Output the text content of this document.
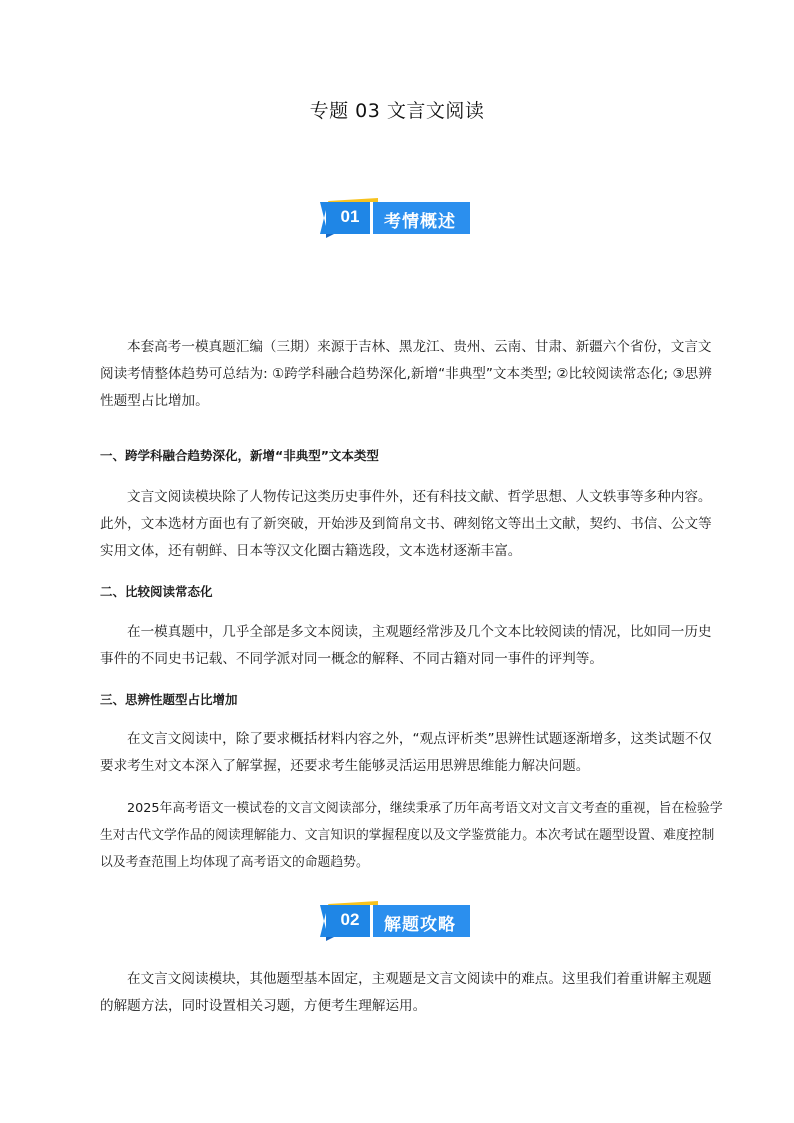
专题 03 文言文阅读
01	考情概述

本套高考一模真题汇编（三期）来源于吉林、黑龙江、贵州、云南、甘肃、新疆六个省份，文言文阅读考情整体趋势可总结为: ①跨学科融合趋势深化,新增“非典型”文本类型; ②比较阅读常态化; ③思辨性题型占比增加。

一、跨学科融合趋势深化，新增“非典型”文本类型

文言文阅读模块除了人物传记这类历史事件外，还有科技文献、哲学思想、人文轶事等多种内容。此外，文本选材方面也有了新突破，开始涉及到简帛文书、碑刻铭文等出土文献，契约、书信、公文等实用文体，还有朝鲜、日本等汉文化圈古籍选段，文本选材逐渐丰富。

二、比较阅读常态化

在一模真题中，几乎全部是多文本阅读，主观题经常涉及几个文本比较阅读的情况，比如同一历史事件的不同史书记载、不同学派对同一概念的解释、不同古籍对同一事件的评判等。

三、思辨性题型占比增加

在文言文阅读中，除了要求概括材料内容之外，“观点评析类”思辨性试题逐渐增多，这类试题不仅要求考生对文本深入了解掌握，还要求考生能够灵活运用思辨思维能力解决问题。

2025年高考语文一模试卷的文言文阅读部分，继续秉承了历年高考语文对文言文考查的重视，旨在检验学生对古代文学作品的阅读理解能力、文言知识的掌握程度以及文学鉴赏能力。本次考试在题型设置、难度控制以及考查范围上均体现了高考语文的命题趋势。

02	解题攻略

在文言文阅读模块，其他题型基本固定，主观题是文言文阅读中的难点。这里我们着重讲解主观题的解题方法，同时设置相关习题，方便考生理解运用。
